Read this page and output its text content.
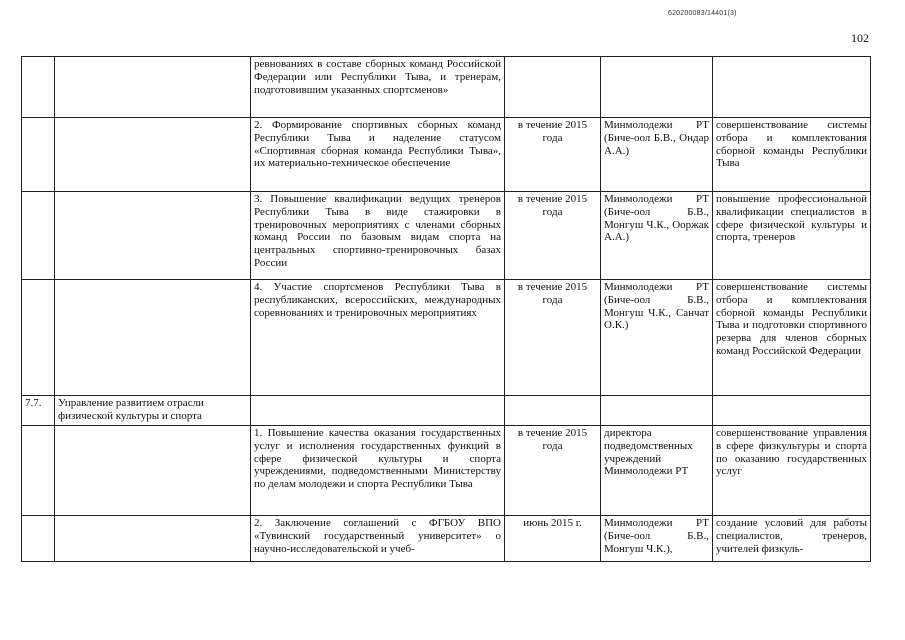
620200083/14401(3)
102
		ревнованиях в составе сборных команд Российской Федерации или Республики Тыва, и тренерам, подготовившим указанных спортсменов»			
		2. Формирование спортивных сборных команд Республики Тыва и наделение статусом «Спортивная сборная команда Республики Тыва», их материально-техническое обеспечение	в течение 2015 года	Минмолодежи РТ (Биче-оол Б.В., Ондар А.А.)	совершенствование системы отбора и комплектования сборной команды Республики Тыва
		3. Повышение квалификации ведущих тренеров Республики Тыва в виде стажировки в тренировочных мероприятиях с членами сборных команд России по базовым видам спорта на центральных спортивно-тренировочных базах России	в течение 2015 года	Минмолодежи РТ (Биче-оол Б.В., Монгуш Ч.К., Ооржак А.А.)	повышение профессиональной квалификации специалистов в сфере физической культуры и спорта, тренеров
		4. Участие спортсменов Республики Тыва в республиканских, всероссийских, международных соревнованиях и тренировочных мероприятиях	в течение 2015 года	Минмолодежи РТ (Биче-оол Б.В., Монгуш Ч.К., Санчат О.К.)	совершенствование системы отбора и комплектования сборной команды Республики Тыва и подготовки спортивного резерва для членов сборных команд Российской Федерации
7.7.	Управление развитием отрасли физической культуры и спорта				
		1. Повышение качества оказания государственных услуг и исполнения государственных функций в сфере физической культуры и спорта учреждениями, подведомственными Министерству по делам молодежи и спорта Республики Тыва	в течение 2015 года	директора подведомственных учреждений Минмолодежи РТ	совершенствование управления в сфере физкультуры и спорта по оказанию государственных услуг
		2. Заключение соглашений с ФГБОУ ВПО «Тувинский государственный университет» о научно-исследовательской и учеб-	июнь 2015 г.	Минмолодежи РТ (Биче-оол Б.В., Монгуш Ч.К.),	создание условий для работы специалистов, тренеров, учителей физкуль-
